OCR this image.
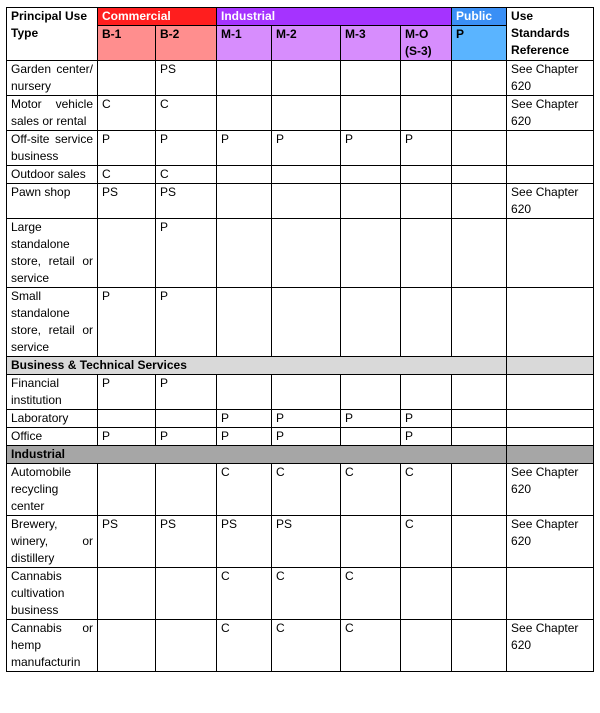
Principal Use Type	Commercial		Industrial				Public	Use Standards Reference
	B-1	B-2	M-1	M-2	M-3	M-O (S-3)	P	
Garden center/nursery		PS						See Chapter 620
Motor vehicle sales or rental	C	C						See Chapter 620
Off-site service business	P	P	P	P	P	P		
Outdoor sales	C	C						
Pawn shop	PS	PS						See Chapter 620
Large standalone store, retail or service		P						
Small standalone store, retail or service	P	P						
Business & Technical Services								
Financial institution	P	P						
Laboratory			P	P	P	P		
Office	P	P	P	P		P		
Industrial								
Automobile recycling center			C	C	C	C		See Chapter 620
Brewery, winery, or distillery	PS	PS	PS	PS		C		See Chapter 620
Cannabis cultivation business			C	C	C			
Cannabis or hemp manufacturin			C	C	C			See Chapter 620
